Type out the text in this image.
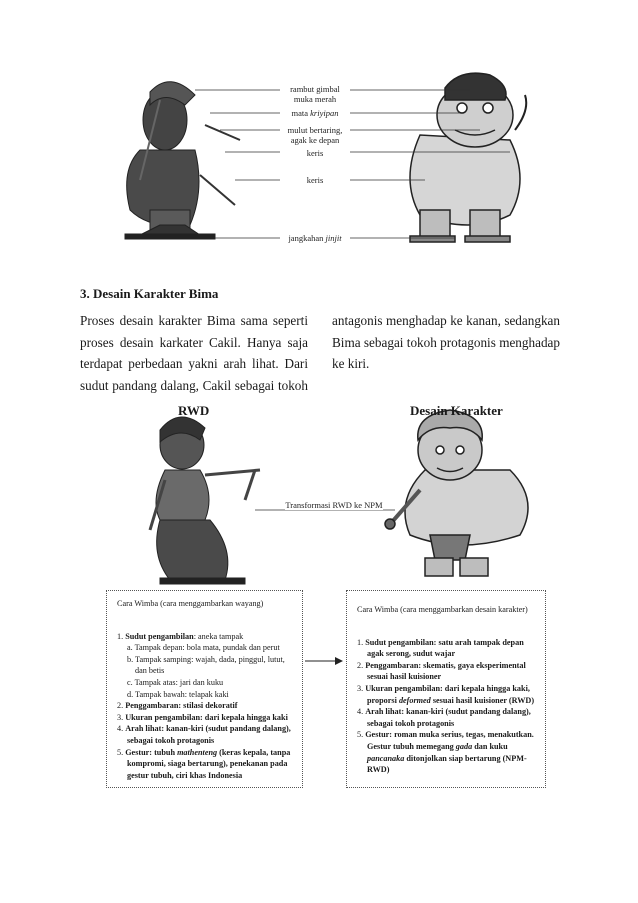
rambut gimbal
muka merah
mata kriyipan
mulut bertaring,
agak ke depan
keris
keris
jangkahan jinjit
3. Desain Karakter Bima
Proses desain karakter Bima sama seperti
proses desain karkater Cakil. Hanya saja
terdapat perbedaan yakni arah lihat. Dari
sudut pandang dalang, Cakil sebagai tokoh
antagonis menghadap ke kanan, sedangkan
Bima sebagai tokoh protagonis menghadap
ke kiri.
RWD	Desain Karakter
Transformasi RWD ke NPM
Cara Wimba (cara menggambarkan wayang)
1. Sudut pengambilan: aneka tampak
a. Tampak depan: bola mata, pundak dan perut
b. Tampak samping: wajah, dada, pinggul, lutut,
dan betis
c. Tampak atas: jari dan kuku
d. Tampak bawah: telapak kaki
2. Penggambaran: stilasi dekoratif
3. Ukuran pengambilan: dari kepala hingga kaki
4. Arah lihat: kanan-kiri (sudut pandang dalang),
sebagai tokoh protagonis
5. Gestur: tubuh mathenteng (keras kepala, tanpa
kompromi, siaga bertarung), penekanan pada
gestur tubuh, ciri khas Indonesia
Cara Wimba (cara menggambarkan desain karakter)
1. Sudut pengambilan: satu arah tampak depan
agak serong, sudut wajar
2. Penggambaran: skematis, gaya eksperimental
sesuai hasil kuisioner
3. Ukuran pengambilan: dari kepala hingga kaki,
proporsi deformed sesuai hasil kuisioner (RWD)
4. Arah lihat: kanan-kiri (sudut pandang dalang),
sebagai tokoh protagonis
5. Gestur: roman muka serius, tegas, menakutkan.
Gestur tubuh memegang gada dan kuku
pancanaka ditonjolkan siap bertarung (NPM-
RWD)
